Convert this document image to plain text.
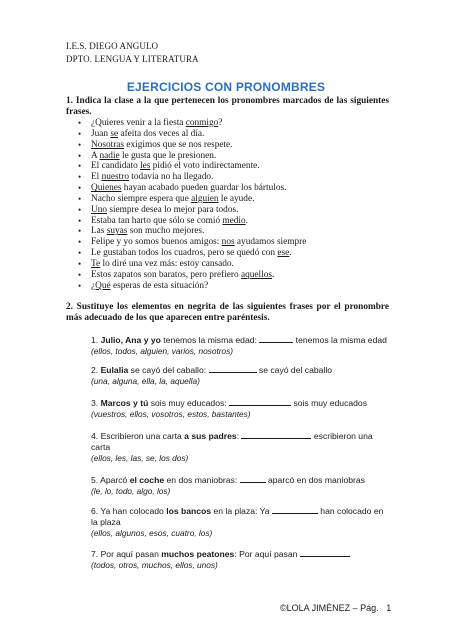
I.E.S. DIEGO ANGULO
DPTO. LENGUA Y LITERATURA
EJERCICIOS CON PRONOMBRES
1. Indica la clase a la que pertenecen los pronombres marcados de las siguientes frases.
• ¿Quieres venir a la fiesta conmigo?
• Juan se afeita dos veces al día.
• Nosotras exigimos que se nos respete.
• A nadie le gusta que le presionen.
• El candidato les pidió el voto indirectamente.
• El nuestro todavía no ha llegado.
• Quienes hayan acabado pueden guardar los bártulos.
• Nacho siempre espera que alguien le ayude.
• Uno siempre desea lo mejor para todos.
• Estaba tan harto que sólo se comió medio.
• Las suyas son mucho mejores.
• Felipe y yo somos buenos amigos: nos ayudamos siempre
• Le gustaban todos los cuadros, pero se quedó con ese.
• Te lo diré una vez más: estoy cansado.
• Estos zapatos son baratos, pero prefiero aquellos.
• ¿Qué esperas de esta situación?
2. Sustituye los elementos en negrita de las siguientes frases por el pronombre más adecuado de los que aparecen entre paréntesis.
1. Julio, Ana y yo tenemos la misma edad:	tenemos la misma edad
(ellos, todos, alguien, varios, nosotros)
2. Eulalia se cayó del caballo:	se cayó del caballo
(una, alguna, ella, la, aquella)
3. Marcos y tú sois muy educados:	sois muy educados
(vuestros, ellos, vosotros, estos, bastantes)
4. Escribieron una carta a sus padres:	escribieron una carta
(ellos, les, las, se, los dos)
5. Aparcó el coche en dos maniobras:	aparcó en dos maniobras
(le, lo, todo, algo, los)
6. Ya han colocado los bancos en la plaza: Ya	han colocado en la plaza
(ellos, algunos, esos, cuatro, los)
7. Por aquí pasan muchos peatones: Por aquí pasan
(todos, otros, muchos, ellos, unos)
©LOLA JIMÉNEZ – Pág. 1
